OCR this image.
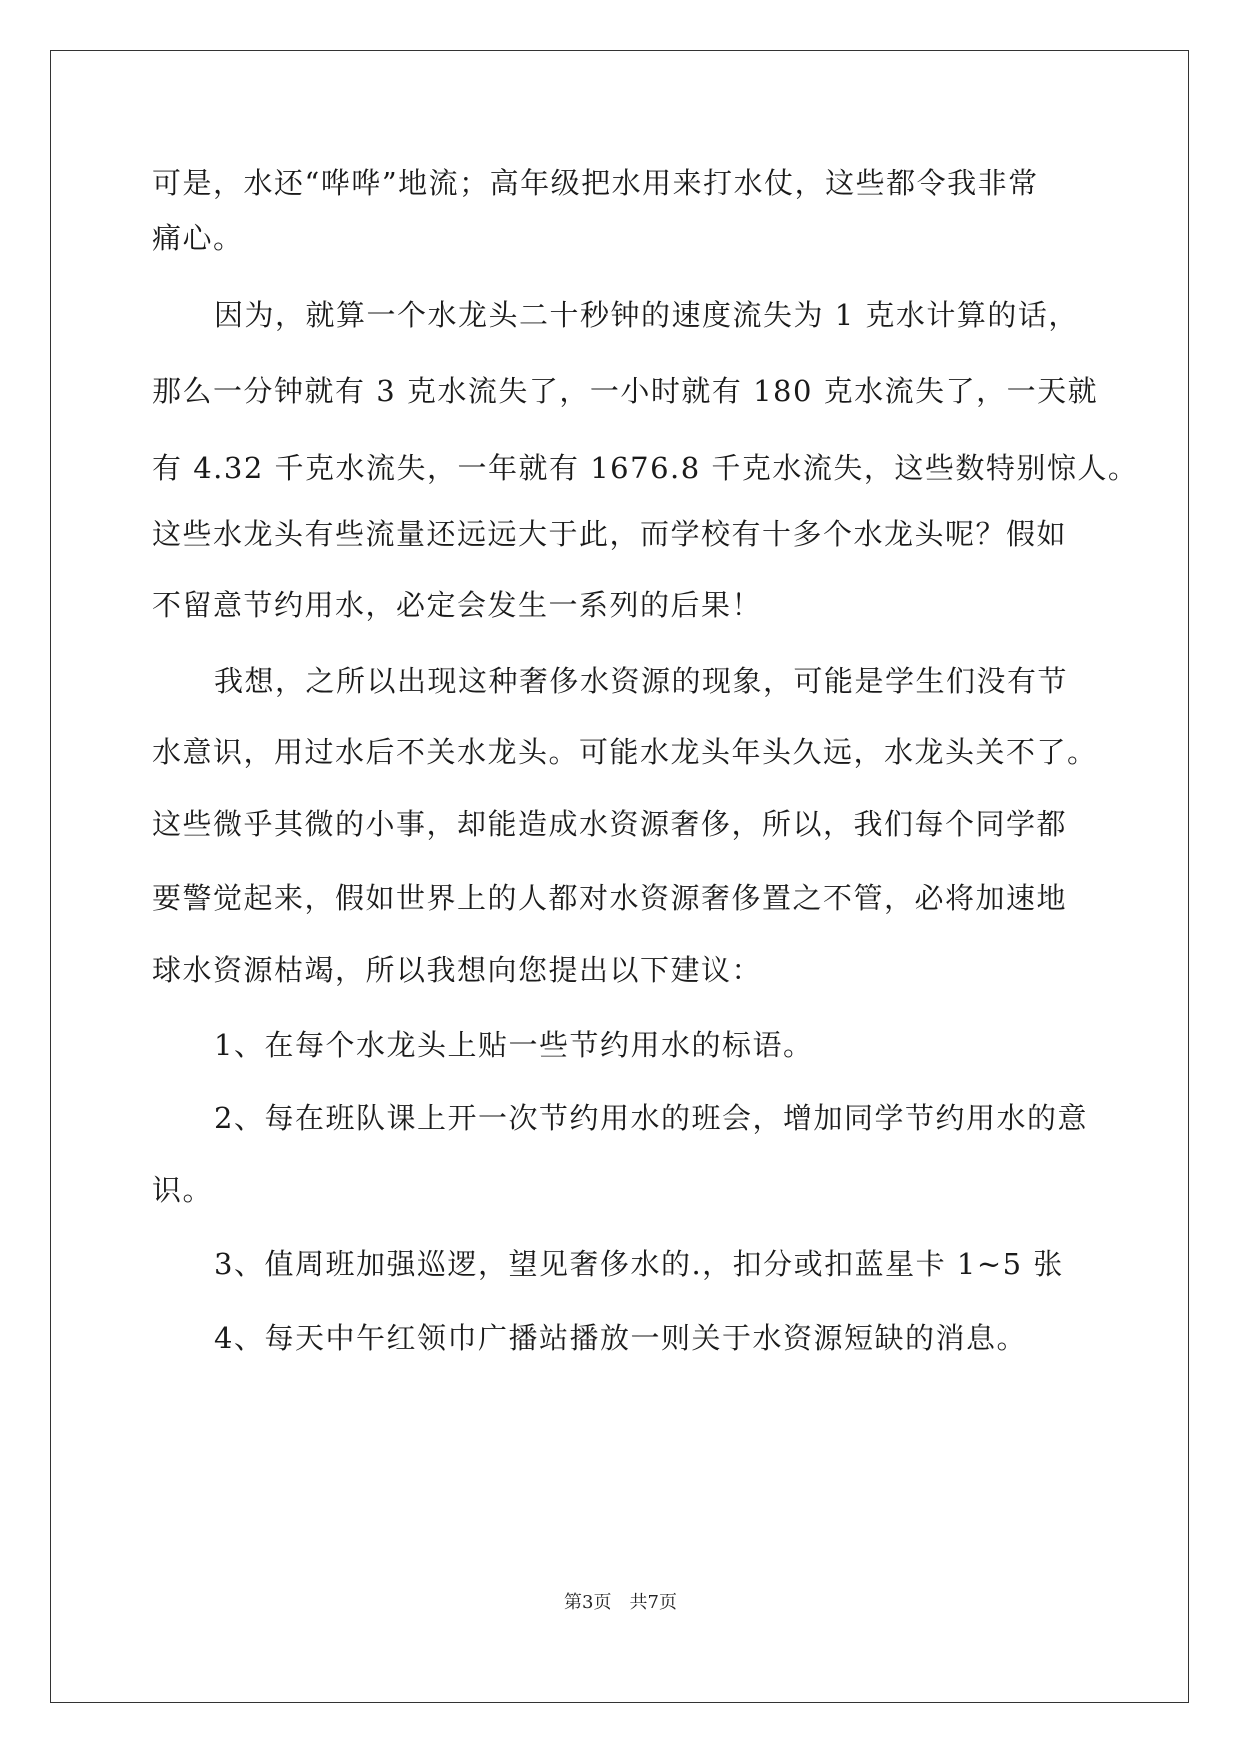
可是，水还“哗哗”地流；高年级把水用来打水仗，这些都令我非常
痛心。
因为，就算一个水龙头二十秒钟的速度流失为 1 克水计算的话，
那么一分钟就有 3 克水流失了，一小时就有 180 克水流失了，一天就
有 4.32 千克水流失，一年就有 1676.8 千克水流失，这些数特别惊人。
这些水龙头有些流量还远远大于此，而学校有十多个水龙头呢？假如
不留意节约用水，必定会发生一系列的后果！
我想，之所以出现这种奢侈水资源的现象，可能是学生们没有节
水意识，用过水后不关水龙头。可能水龙头年头久远，水龙头关不了。
这些微乎其微的小事，却能造成水资源奢侈，所以，我们每个同学都
要警觉起来，假如世界上的人都对水资源奢侈置之不管，必将加速地
球水资源枯竭，所以我想向您提出以下建议：
1、在每个水龙头上贴一些节约用水的标语。
2、每在班队课上开一次节约用水的班会，增加同学节约用水的意
识。
3、值周班加强巡逻，望见奢侈水的.，扣分或扣蓝星卡 1~5 张
4、每天中午红领巾广播站播放一则关于水资源短缺的消息。
第3页 共7页
